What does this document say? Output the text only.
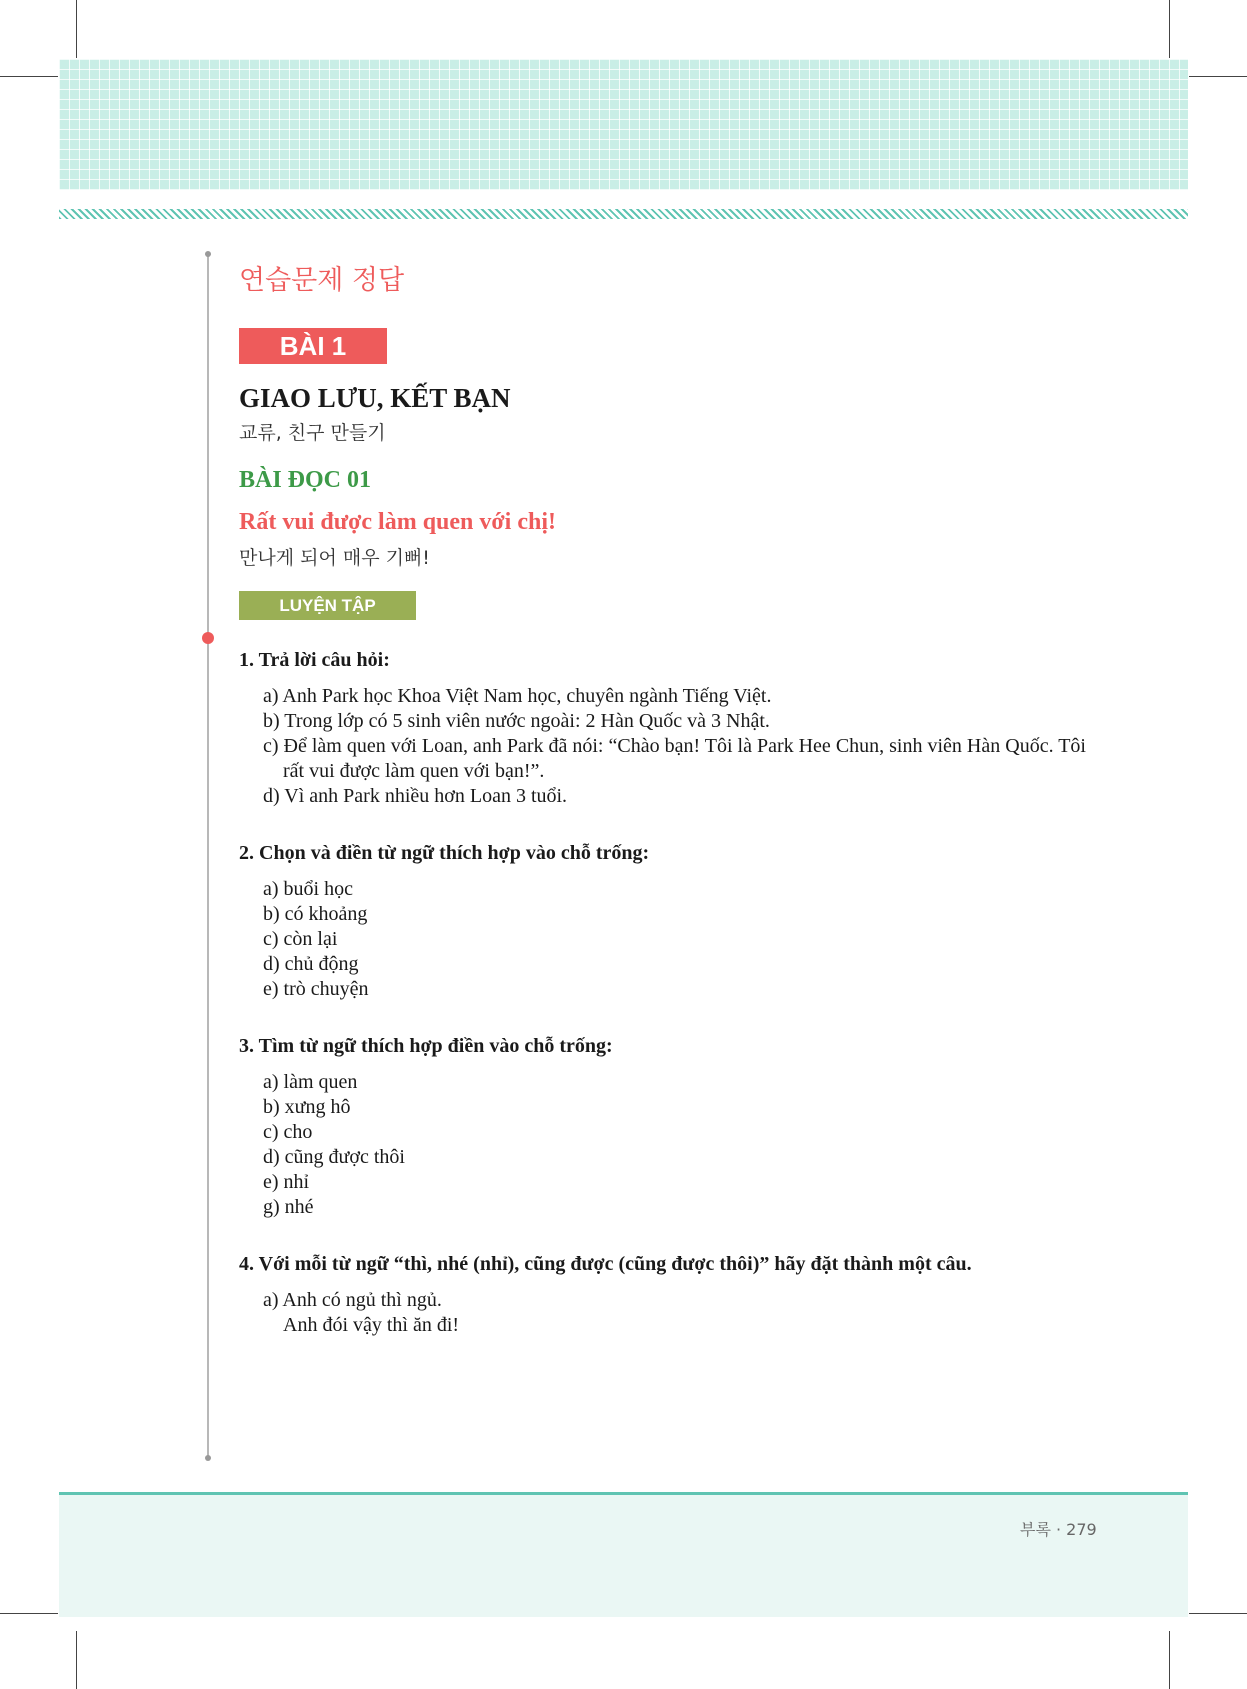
연습문제 정답
BÀI 1
GIAO LƯU, KẾT BẠN
교류, 친구 만들기
BÀI ĐỌC 01
Rất vui được làm quen với chị!
만나게 되어 매우 기뻐!
LUYỆN TẬP

1. Trả lời câu hỏi:

a) Anh Park học Khoa Việt Nam học, chuyên ngành Tiếng Việt.
b) Trong lớp có 5 sinh viên nước ngoài: 2 Hàn Quốc và 3 Nhật.
c) Để làm quen với Loan, anh Park đã nói: “Chào bạn! Tôi là Park Hee Chun, sinh viên Hàn Quốc. Tôi rất vui được làm quen với bạn!”.
d) Vì anh Park nhiều hơn Loan 3 tuổi.

2. Chọn và điền từ ngữ thích hợp vào chỗ trống:

a) buổi học
b) có khoảng
c) còn lại
d) chủ động
e) trò chuyện

3. Tìm từ ngữ thích hợp điền vào chỗ trống:

a) làm quen
b) xưng hô
c) cho
d) cũng được thôi
e) nhỉ
g) nhé

4. Với mỗi từ ngữ “thì, nhé (nhỉ), cũng được (cũng được thôi)” hãy đặt thành một câu.

a) Anh có ngủ thì ngủ.
Anh đói vậy thì ăn đi!
부록 · 279
